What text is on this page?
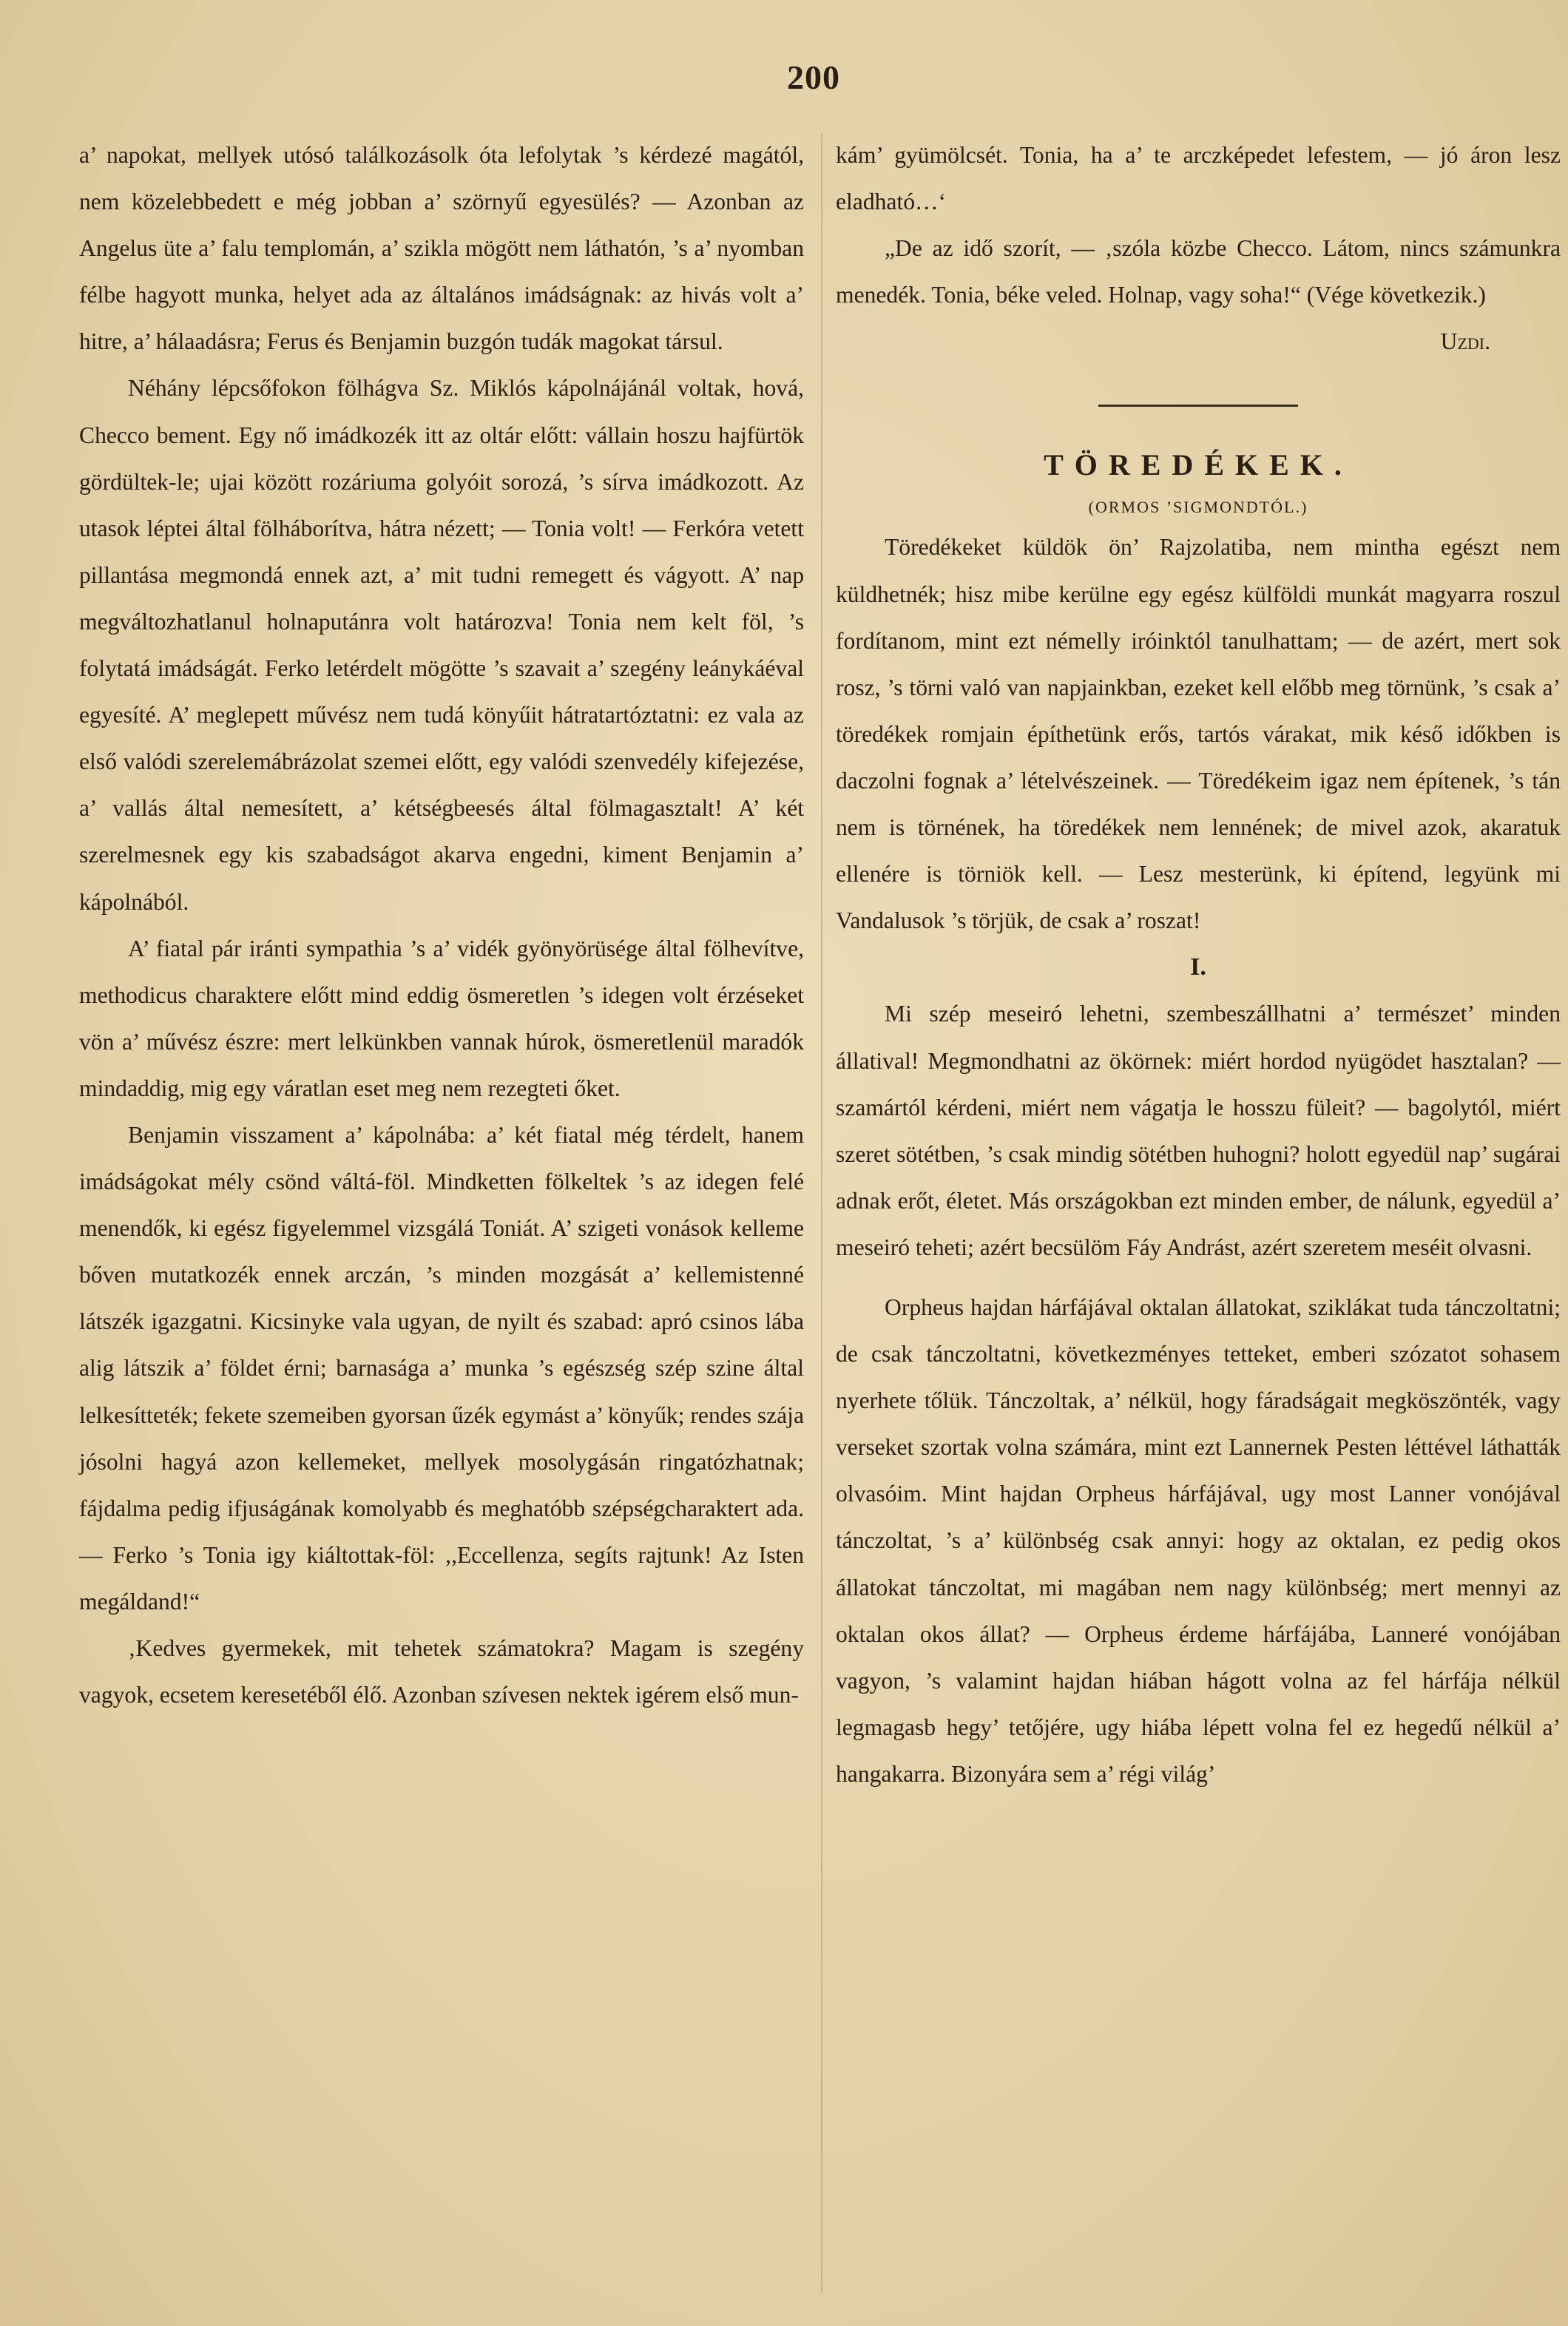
200

a’ napokat, mellyek utósó találkozásolk óta lefolytak ’s kérdezé magától, nem közelebbedett e még jobban a’ szörnyű egyesülés? — Azonban az Angelus üte a’ falu templomán, a’ szikla mögött nem láthatón, ’s a’ nyomban félbe hagyott munka, helyet ada az általános imádságnak: az hivás volt a’ hitre, a’ hálaadásra; Ferus és Benjamin buzgón tudák magokat társul.

Néhány lépcsőfokon fölhágva Sz. Miklós kápolnájánál voltak, hová, Checco bement. Egy nő imádkozék itt az oltár előtt: vállain hoszu hajfürtök gördültek-le; ujai között rozáriuma golyóit sorozá, ’s sírva imádkozott. Az utasok léptei által fölháborítva, hátra nézett; — Tonia volt! — Ferkóra vetett pillantása megmondá ennek azt, a’ mit tudni remegett és vágyott. A’ nap megváltozhatlanul holnaputánra volt határozva! Tonia nem kelt föl, ’s folytatá imádságát. Ferko letérdelt mögötte ’s szavait a’ szegény leánykáéval egyesíté. A’ meglepett művész nem tudá könyűit hátratartóztatni: ez vala az első valódi szerelemábrázolat szemei előtt, egy valódi szenvedély kifejezése, a’ vallás által nemesített, a’ kétségbeesés által fölmagasztalt! A’ két szerelmesnek egy kis szabadságot akarva engedni, kiment Benjamin a’ kápolnából.

A’ fiatal pár iránti sympathia ’s a’ vidék gyönyörüsége által fölhevítve, methodicus charaktere előtt mind eddig ösmeretlen ’s idegen volt érzéseket vön a’ művész észre: mert lelkünkben vannak húrok, ösmeretlenül maradók mindaddig, mig egy váratlan eset meg nem rezegteti őket.

Benjamin visszament a’ kápolnába: a’ két fiatal még térdelt, hanem imádságokat mély csönd váltá-föl. Mindketten fölkeltek ’s az idegen felé menendők, ki egész figyelemmel vizsgálá Toniát. A’ szigeti vonások kelleme bőven mutatkozék ennek arczán, ’s minden mozgását a’ kellemistenné látszék igazgatni. Kicsinyke vala ugyan, de nyilt és szabad: apró csinos lába alig látszik a’ földet érni; barnasága a’ munka ’s egészség szép szine által lelkesítteték; fekete szemeiben gyorsan űzék egymást a’ könyűk; rendes szája jósolni hagyá azon kellemeket, mellyek mosolygásán ringatózhatnak; fájdalma pedig ifjuságának komolyabb és meghatóbb szépségcharaktert ada. — Ferko ’s Tonia igy kiáltottak-föl: ,,Eccellenza, segíts rajtunk! Az Isten megáldand!“

‚Kedves gyermekek, mit tehetek számatokra? Magam is szegény vagyok, ecsetem keresetéből élő. Azonban szívesen nektek igérem első mun-

kám’ gyümölcsét. Tonia, ha a’ te arczképedet lefestem, — jó áron lesz eladható…‘

„De az idő szorít, — ‚szóla közbe Checco. Látom, nincs számunkra menedék. Tonia, béke veled. Holnap, vagy soha!“ (Vége következik.)

Uzdi.

TÖREDÉKEK.

(ORMOS ’SIGMONDTÓL.)

Töredékeket küldök ön’ Rajzolatiba, nem mintha egészt nem küldhetnék; hisz mibe kerülne egy egész külföldi munkát magyarra roszul fordítanom, mint ezt némelly iróinktól tanulhattam; — de azért, mert sok rosz, ’s törni való van napjainkban, ezeket kell előbb meg törnünk, ’s csak a’ töredékek romjain építhetünk erős, tartós várakat, mik késő időkben is daczolni fognak a’ lételvészeinek. — Töredékeim igaz nem építenek, ’s tán nem is törnének, ha töredékek nem lennének; de mivel azok, akaratuk ellenére is törniök kell. — Lesz mesterünk, ki építend, legyünk mi Vandalusok ’s törjük, de csak a’ roszat!

I.

Mi szép meseiró lehetni, szembeszállhatni a’ természet’ minden állatival! Megmondhatni az ökörnek: miért hordod nyügödet hasztalan? — szamártól kérdeni, miért nem vágatja le hosszu füleit? — bagolytól, miért szeret sötétben, ’s csak mindig sötétben huhogni? holott egyedül nap’ sugárai adnak erőt, életet. Más országokban ezt minden ember, de nálunk, egyedül a’ meseiró teheti; azért becsülöm Fáy Andrást, azért szeretem meséit olvasni.

Orpheus hajdan hárfájával oktalan állatokat, sziklákat tuda tánczoltatni; de csak tánczoltatni, következményes tetteket, emberi szózatot sohasem nyerhete tőlük. Tánczoltak, a’ nélkül, hogy fáradságait megköszönték, vagy verseket szortak volna számára, mint ezt Lannernek Pesten léttével láthatták olvasóim. Mint hajdan Orpheus hárfájával, ugy most Lanner vonójával tánczoltat, ’s a’ különbség csak annyi: hogy az oktalan, ez pedig okos állatokat tánczoltat, mi magában nem nagy különbség; mert mennyi az oktalan okos állat? — Orpheus érdeme hárfájába, Lanneré vonójában vagyon, ’s valamint hajdan hiában hágott volna az fel hárfája nélkül legmagasb hegy’ tetőjére, ugy hiába lépett volna fel ez hegedű nélkül a’ hangakarra. Bizonyára sem a’ régi világ’
